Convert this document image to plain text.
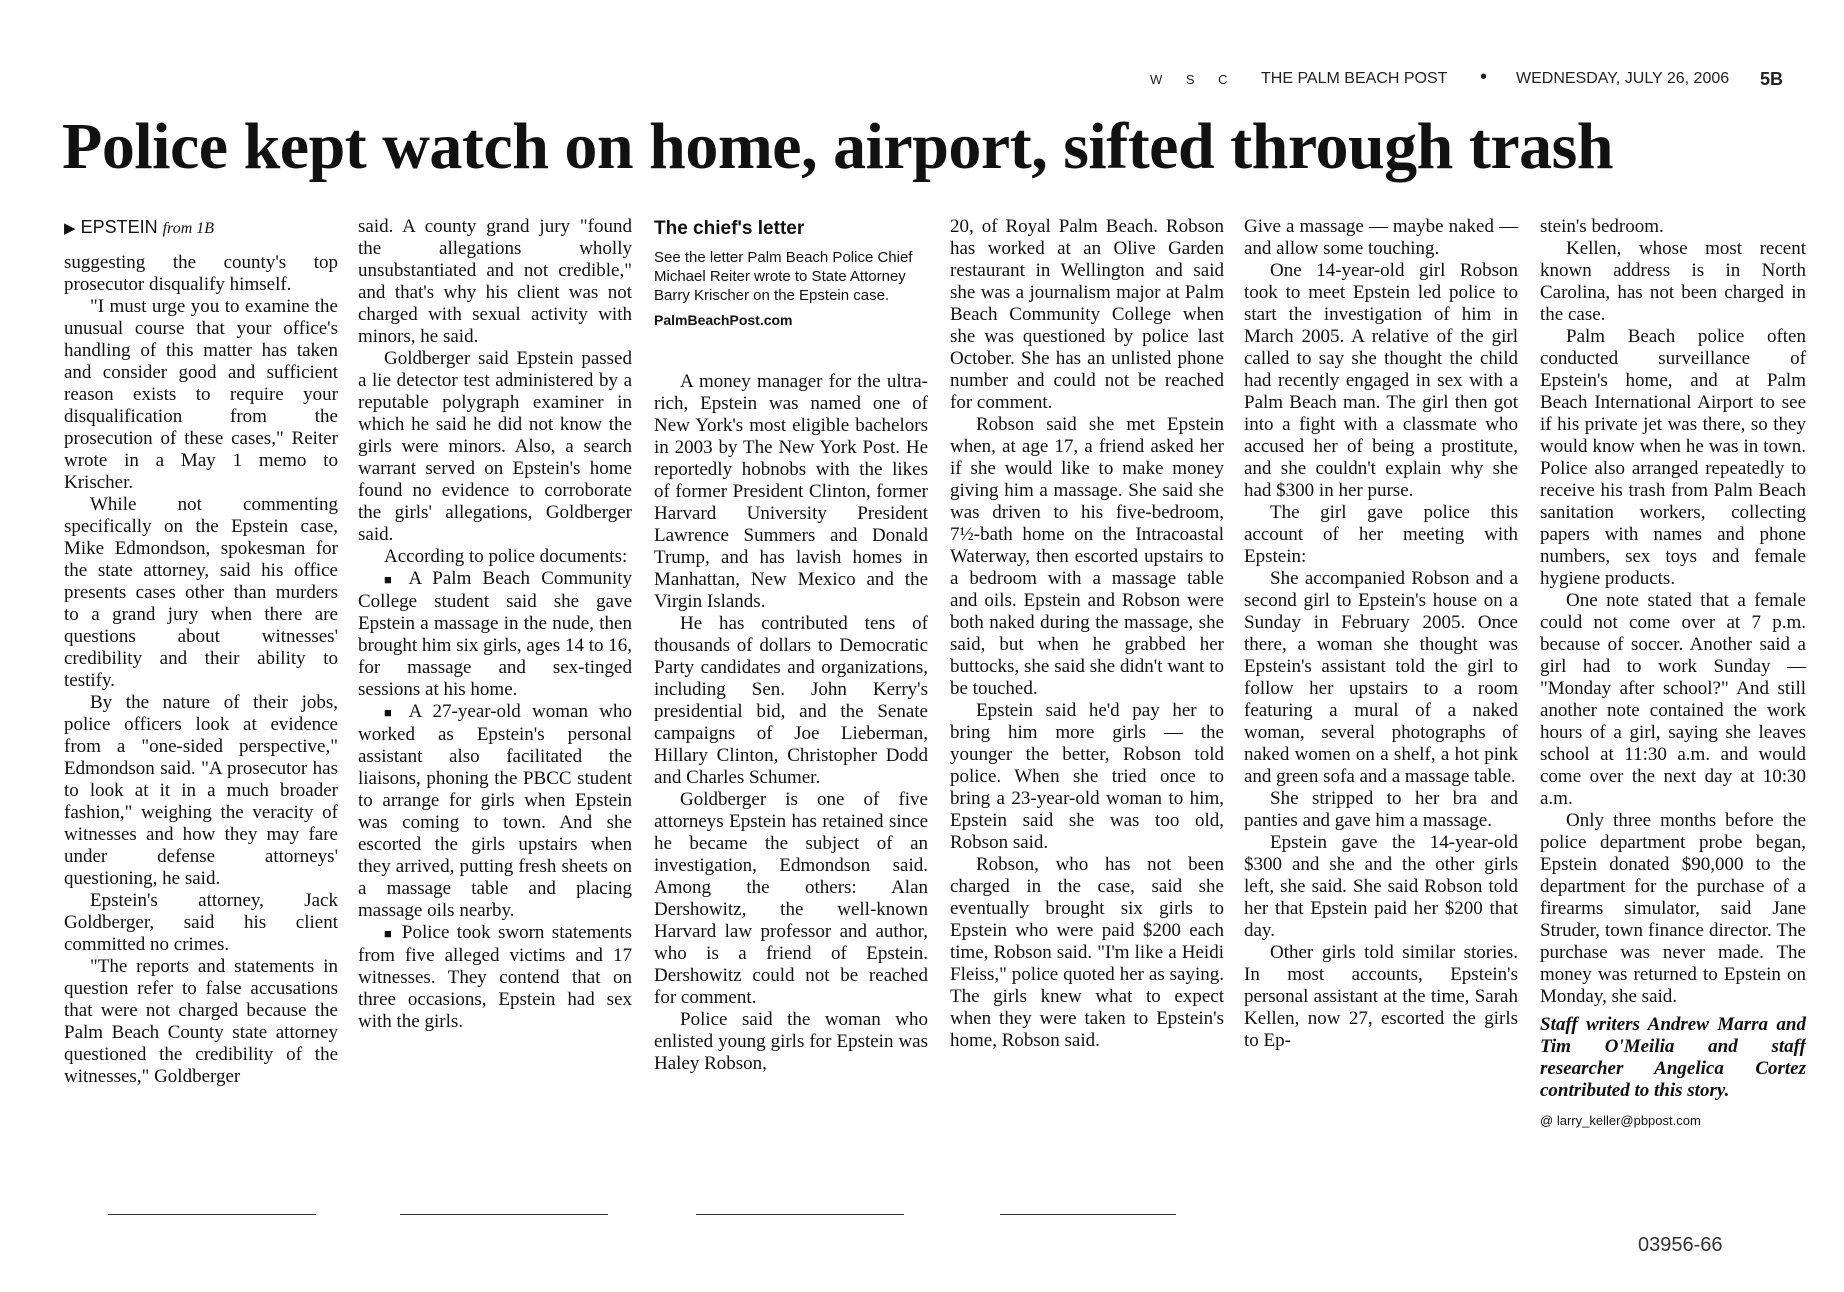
W S C THE PALM BEACH POST • WEDNESDAY, JULY 26, 2006 5B
Police kept watch on home, airport, sifted through trash
▶ EPSTEIN from 1B

suggesting the county's top prosecutor disqualify himself.

"I must urge you to examine the unusual course that your office's handling of this matter has taken and consider good and sufficient reason exists to require your disqualification from the prosecution of these cases," Reiter wrote in a May 1 memo to Krischer.

While not commenting specifically on the Epstein case, Mike Edmondson, spokesman for the state attorney, said his office presents cases other than murders to a grand jury when there are questions about witnesses' credibility and their ability to testify.

By the nature of their jobs, police officers look at evidence from a "one-sided perspective," Edmondson said. "A prosecutor has to look at it in a much broader fashion," weighing the veracity of witnesses and how they may fare under defense attorneys' questioning, he said.

Epstein's attorney, Jack Goldberger, said his client committed no crimes.

"The reports and statements in question refer to false accusations that were not charged because the Palm Beach County state attorney questioned the credibility of the witnesses," Goldberger

said. A county grand jury "found the allegations wholly unsubstantiated and not credible," and that's why his client was not charged with sexual activity with minors, he said.

Goldberger said Epstein passed a lie detector test administered by a reputable polygraph examiner in which he said he did not know the girls were minors. Also, a search warrant served on Epstein's home found no evidence to corroborate the girls' allegations, Goldberger said.

According to police documents:

■ A Palm Beach Community College student said she gave Epstein a massage in the nude, then brought him six girls, ages 14 to 16, for massage and sex-tinged sessions at his home.

■ A 27-year-old woman who worked as Epstein's personal assistant also facilitated the liaisons, phoning the PBCC student to arrange for girls when Epstein was coming to town. And she escorted the girls upstairs when they arrived, putting fresh sheets on a massage table and placing massage oils nearby.

■ Police took sworn statements from five alleged victims and 17 witnesses. They contend that on three occasions, Epstein had sex with the girls.

The chief's letter
See the letter Palm Beach Police Chief Michael Reiter wrote to State Attorney Barry Krischer on the Epstein case.
PalmBeachPost.com

A money manager for the ultra-rich, Epstein was named one of New York's most eligible bachelors in 2003 by The New York Post. He reportedly hobnobs with the likes of former President Clinton, former Harvard University President Lawrence Summers and Donald Trump, and has lavish homes in Manhattan, New Mexico and the Virgin Islands.

He has contributed tens of thousands of dollars to Democratic Party candidates and organizations, including Sen. John Kerry's presidential bid, and the Senate campaigns of Joe Lieberman, Hillary Clinton, Christopher Dodd and Charles Schumer.

Goldberger is one of five attorneys Epstein has retained since he became the subject of an investigation, Edmondson said. Among the others: Alan Dershowitz, the well-known Harvard law professor and author, who is a friend of Epstein. Dershowitz could not be reached for comment.

Police said the woman who enlisted young girls for Epstein was Haley Robson,

20, of Royal Palm Beach. Robson has worked at an Olive Garden restaurant in Wellington and said she was a journalism major at Palm Beach Community College when she was questioned by police last October. She has an unlisted phone number and could not be reached for comment.

Robson said she met Epstein when, at age 17, a friend asked her if she would like to make money giving him a massage. She said she was driven to his five-bedroom, 7½-bath home on the Intracoastal Waterway, then escorted upstairs to a bedroom with a massage table and oils. Epstein and Robson were both naked during the massage, she said, but when he grabbed her buttocks, she said she didn't want to be touched.

Epstein said he'd pay her to bring him more girls — the younger the better, Robson told police. When she tried once to bring a 23-year-old woman to him, Epstein said she was too old, Robson said.

Robson, who has not been charged in the case, said she eventually brought six girls to Epstein who were paid $200 each time, Robson said. "I'm like a Heidi Fleiss," police quoted her as saying. The girls knew what to expect when they were taken to Epstein's home, Robson said.

Give a massage — maybe naked — and allow some touching.

One 14-year-old girl Robson took to meet Epstein led police to start the investigation of him in March 2005. A relative of the girl called to say she thought the child had recently engaged in sex with a Palm Beach man. The girl then got into a fight with a classmate who accused her of being a prostitute, and she couldn't explain why she had $300 in her purse.

The girl gave police this account of her meeting with Epstein:

She accompanied Robson and a second girl to Epstein's house on a Sunday in February 2005. Once there, a woman she thought was Epstein's assistant told the girl to follow her upstairs to a room featuring a mural of a naked woman, several photographs of naked women on a shelf, a hot pink and green sofa and a massage table.

She stripped to her bra and panties and gave him a massage.

Epstein gave the 14-year-old $300 and she and the other girls left, she said. She said Robson told her that Epstein paid her $200 that day.

Other girls told similar stories. In most accounts, Epstein's personal assistant at the time, Sarah Kellen, now 27, escorted the girls to Ep-

stein's bedroom.

Kellen, whose most recent known address is in North Carolina, has not been charged in the case.

Palm Beach police often conducted surveillance of Epstein's home, and at Palm Beach International Airport to see if his private jet was there, so they would know when he was in town. Police also arranged repeatedly to receive his trash from Palm Beach sanitation workers, collecting papers with names and phone numbers, sex toys and female hygiene products.

One note stated that a female could not come over at 7 p.m. because of soccer. Another said a girl had to work Sunday — "Monday after school?" And still another note contained the work hours of a girl, saying she leaves school at 11:30 a.m. and would come over the next day at 10:30 a.m.

Only three months before the police department probe began, Epstein donated $90,000 to the department for the purchase of a firearms simulator, said Jane Struder, town finance director. The purchase was never made. The money was returned to Epstein on Monday, she said.

Staff writers Andrew Marra and Tim O'Meilia and staff researcher Angelica Cortez contributed to this story.

@ larry_keller@pbpost.com

03956-66
